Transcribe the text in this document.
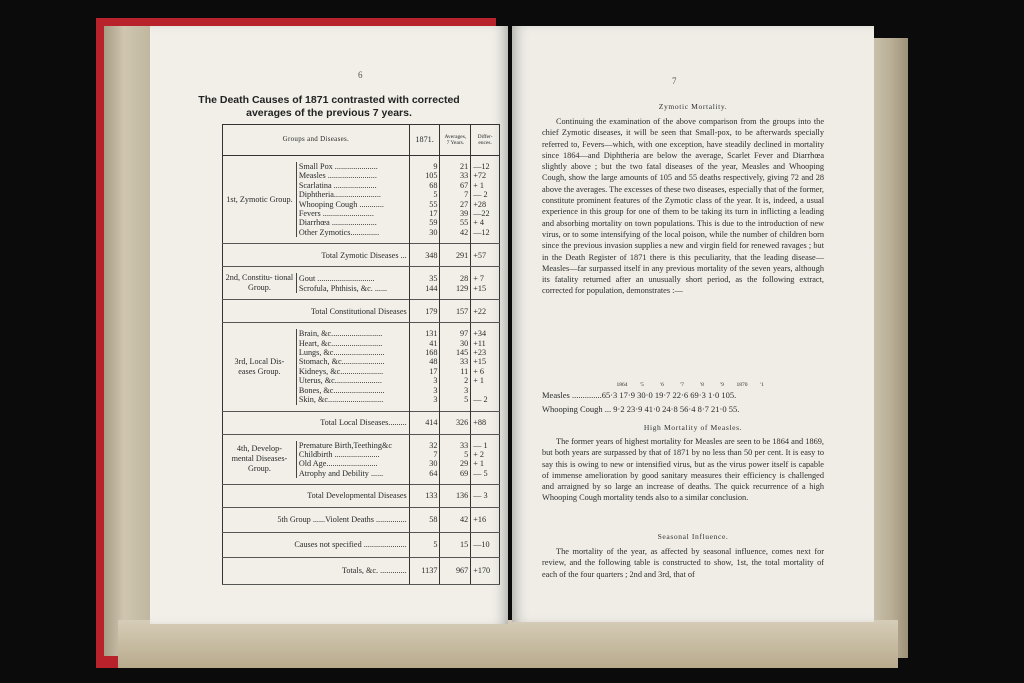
6
The Death Causes of 1871 contrasted with corrected
averages of the previous 7 years.
Groups and Diseases.		1871.	Averages, 7 Years.	Differ- ences.

1st, Zymotic Group.	Small Pox .....................	9	21	—12
	Measles ........................	105	33	+72
	Scarlatina .....................	68	67	+ 1
	Diphtheria.......................	5	7	— 2
	Whooping Cough ............	55	27	+28
	Fevers .........................	17	39	—22
	Diarrhœa ......................	59	55	+ 4
	Other Zymotics..............	30	42	—12

Total Zymotic Diseases ...		348	291	+57

2nd, Constitu- tional Group.	Gout ............................	35	28	+ 7
	Scrofula, Phthisis, &c. ......	144	129	+15

Total Constitutional Diseases		179	157	+22

3rd, Local Dis- eases Group.	Brain, &c.........................	131	97	+34
	Heart, &c.........................	41	30	+11
	Lungs, &c.........................	168	145	+23
	Stomach, &c.....................	48	33	+15
	Kidneys, &c.....................	17	11	+ 6
	Uterus, &c.......................	3	2	+ 1
	Bones, &c.........................	3	3	
	Skin, &c...........................	3	5	— 2

Total Local Diseases.........		414	326	+88

4th, Develop- mental Diseases- Group.	Premature Birth,Teething&c	32	33	— 1
	Childbirth ......................	7	5	+ 2
	Old Age.........................	30	29	+ 1
	Atrophy and Debility ......	64	69	— 5

Total Developmental Diseases		133	136	— 3
5th Group ......Violent Deaths ...............		58	42	+16
Causes not specified .....................		5	15	—10
Totals, &c. .............		1137	967	+170
7
Zymotic Mortality.
Continuing the examination of the above comparison from the groups into the chief Zymotic diseases, it will be seen that Small-pox, to be afterwards specially referred to, Fevers—which, with one exception, have steadily declined in mortality since 1864—and Diphtheria are below the average, Scarlet Fever and Diarrhœa slightly above ; but the two fatal diseases of the year, Measles and Whooping Cough, show the large amounts of 105 and 55 deaths respectively, giving 72 and 28 above the averages. The excesses of these two diseases, especially that of the former, constitute prominent features of the Zymotic class of the year. It is, indeed, a usual experience in this group for one of them to be taking its turn in inflicting a leading and absorbing mortality on town populations. This is due to the introduction of new virus, or to some intensifying of the local poison, while the number of children born since the previous invasion supplies a new and virgin field for renewed ravages ; but in the Death Register of 1871 there is this peculiarity, that the leading disease—Measles—far surpassed itself in any previous mortality of the seven years, although its fatality returned after an unusually short period, as the following extract, corrected for population, demonstrates :—
1864 '5	'6	'7	'8	'9 1870 '1
Measles ..............65·3 17·9 30·0 19·7 22·6 69·3 1·0 105.
Whooping Cough ... 9·2 23·9 41·0 24·8 56·4 8·7 21·0 55.
High Mortality of Measles.
The former years of highest mortality for Measles are seen to be 1864 and 1869, but both years are surpassed by that of 1871 by no less than 50 per cent. It is easy to say this is owing to new or intensified virus, but as the virus power itself is capable of immense amelioration by good sanitary measures their efficiency is challenged and arraigned by so large an increase of deaths. The quick recurrence of a high Whooping Cough mortality tends also to a similar conclusion.
Seasonal Influence.
The mortality of the year, as affected by seasonal influence, comes next for review, and the following table is constructed to show, 1st, the total mortality of each of the four quarters ; 2nd and 3rd, that of
